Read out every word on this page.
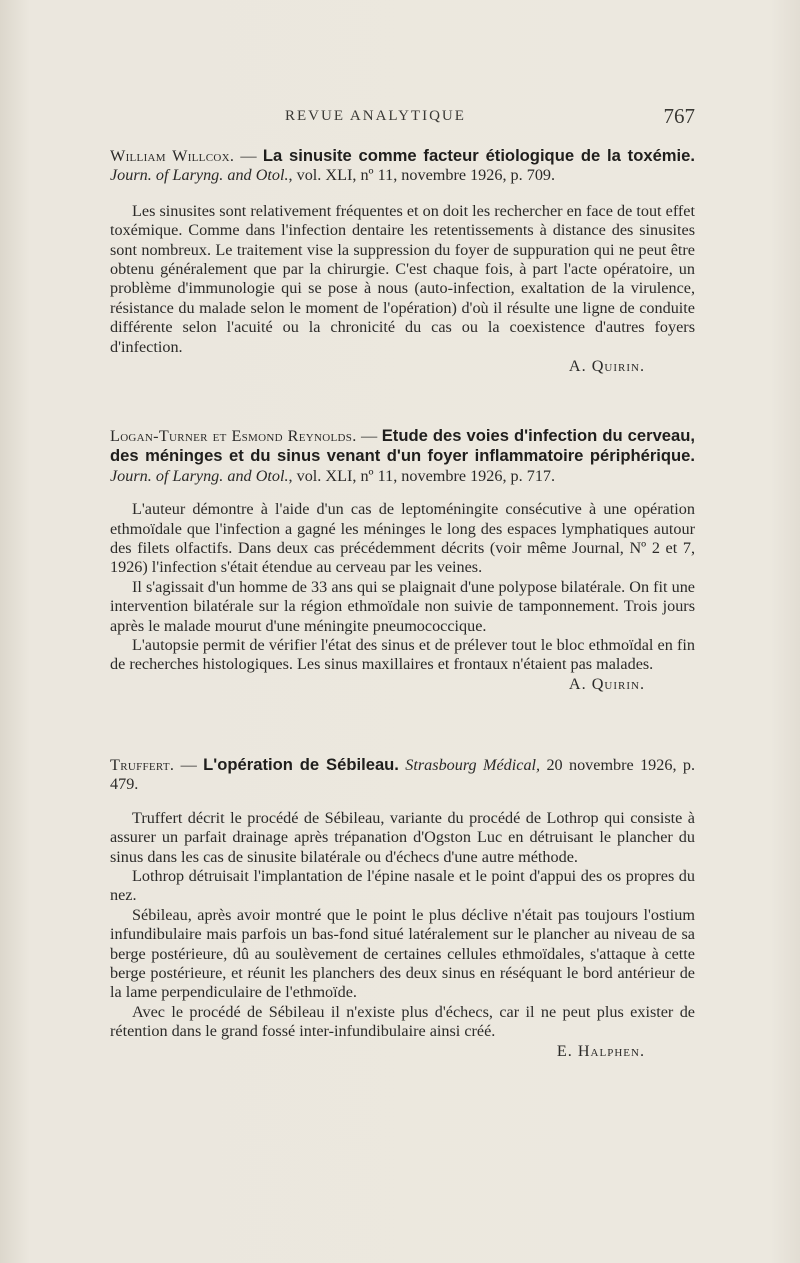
REVUE ANALYTIQUE	767

William Willcox. — La sinusite comme facteur étiologique de la toxémie. Journ. of Laryng. and Otol., vol. XLI, nº 11, novembre 1926, p. 709.

Les sinusites sont relativement fréquentes et on doit les rechercher en face de tout effet toxémique. Comme dans l'infection dentaire les retentissements à distance des sinusites sont nombreux. Le traitement vise la suppression du foyer de suppuration qui ne peut être obtenu généralement que par la chirurgie. C'est chaque fois, à part l'acte opératoire, un problème d'immunologie qui se pose à nous (auto-infection, exaltation de la virulence, résistance du malade selon le moment de l'opération) d'où il résulte une ligne de conduite différente selon l'acuité ou la chronicité du cas ou la coexistence d'autres foyers d'infection.

A. Quirin.

Logan-Turner et Esmond Reynolds. — Etude des voies d'infection du cerveau, des méninges et du sinus venant d'un foyer inflammatoire périphérique. Journ. of Laryng. and Otol., vol. XLI, nº 11, novembre 1926, p. 717.

L'auteur démontre à l'aide d'un cas de leptoméningite consécutive à une opération ethmoïdale que l'infection a gagné les méninges le long des espaces lymphatiques autour des filets olfactifs. Dans deux cas précédemment décrits (voir même Journal, Nº 2 et 7, 1926) l'infection s'était étendue au cerveau par les veines.

Il s'agissait d'un homme de 33 ans qui se plaignait d'une polypose bilatérale. On fit une intervention bilatérale sur la région ethmoïdale non suivie de tamponnement. Trois jours après le malade mourut d'une méningite pneumococcique.

L'autopsie permit de vérifier l'état des sinus et de prélever tout le bloc ethmoïdal en fin de recherches histologiques. Les sinus maxillaires et frontaux n'étaient pas malades.

A. Quirin.

Truffert. — L'opération de Sébileau. Strasbourg Médical, 20 novembre 1926, p. 479.

Truffert décrit le procédé de Sébileau, variante du procédé de Lothrop qui consiste à assurer un parfait drainage après trépanation d'Ogston Luc en détruisant le plancher du sinus dans les cas de sinusite bilatérale ou d'échecs d'une autre méthode.

Lothrop détruisait l'implantation de l'épine nasale et le point d'appui des os propres du nez.

Sébileau, après avoir montré que le point le plus déclive n'était pas toujours l'ostium infundibulaire mais parfois un bas-fond situé latéralement sur le plancher au niveau de sa berge postérieure, dû au soulèvement de certaines cellules ethmoïdales, s'attaque à cette berge postérieure, et réunit les planchers des deux sinus en réséquant le bord antérieur de la lame perpendiculaire de l'ethmoïde.

Avec le procédé de Sébileau il n'existe plus d'échecs, car il ne peut plus exister de rétention dans le grand fossé inter-infundibulaire ainsi créé.

E. Halphen.
